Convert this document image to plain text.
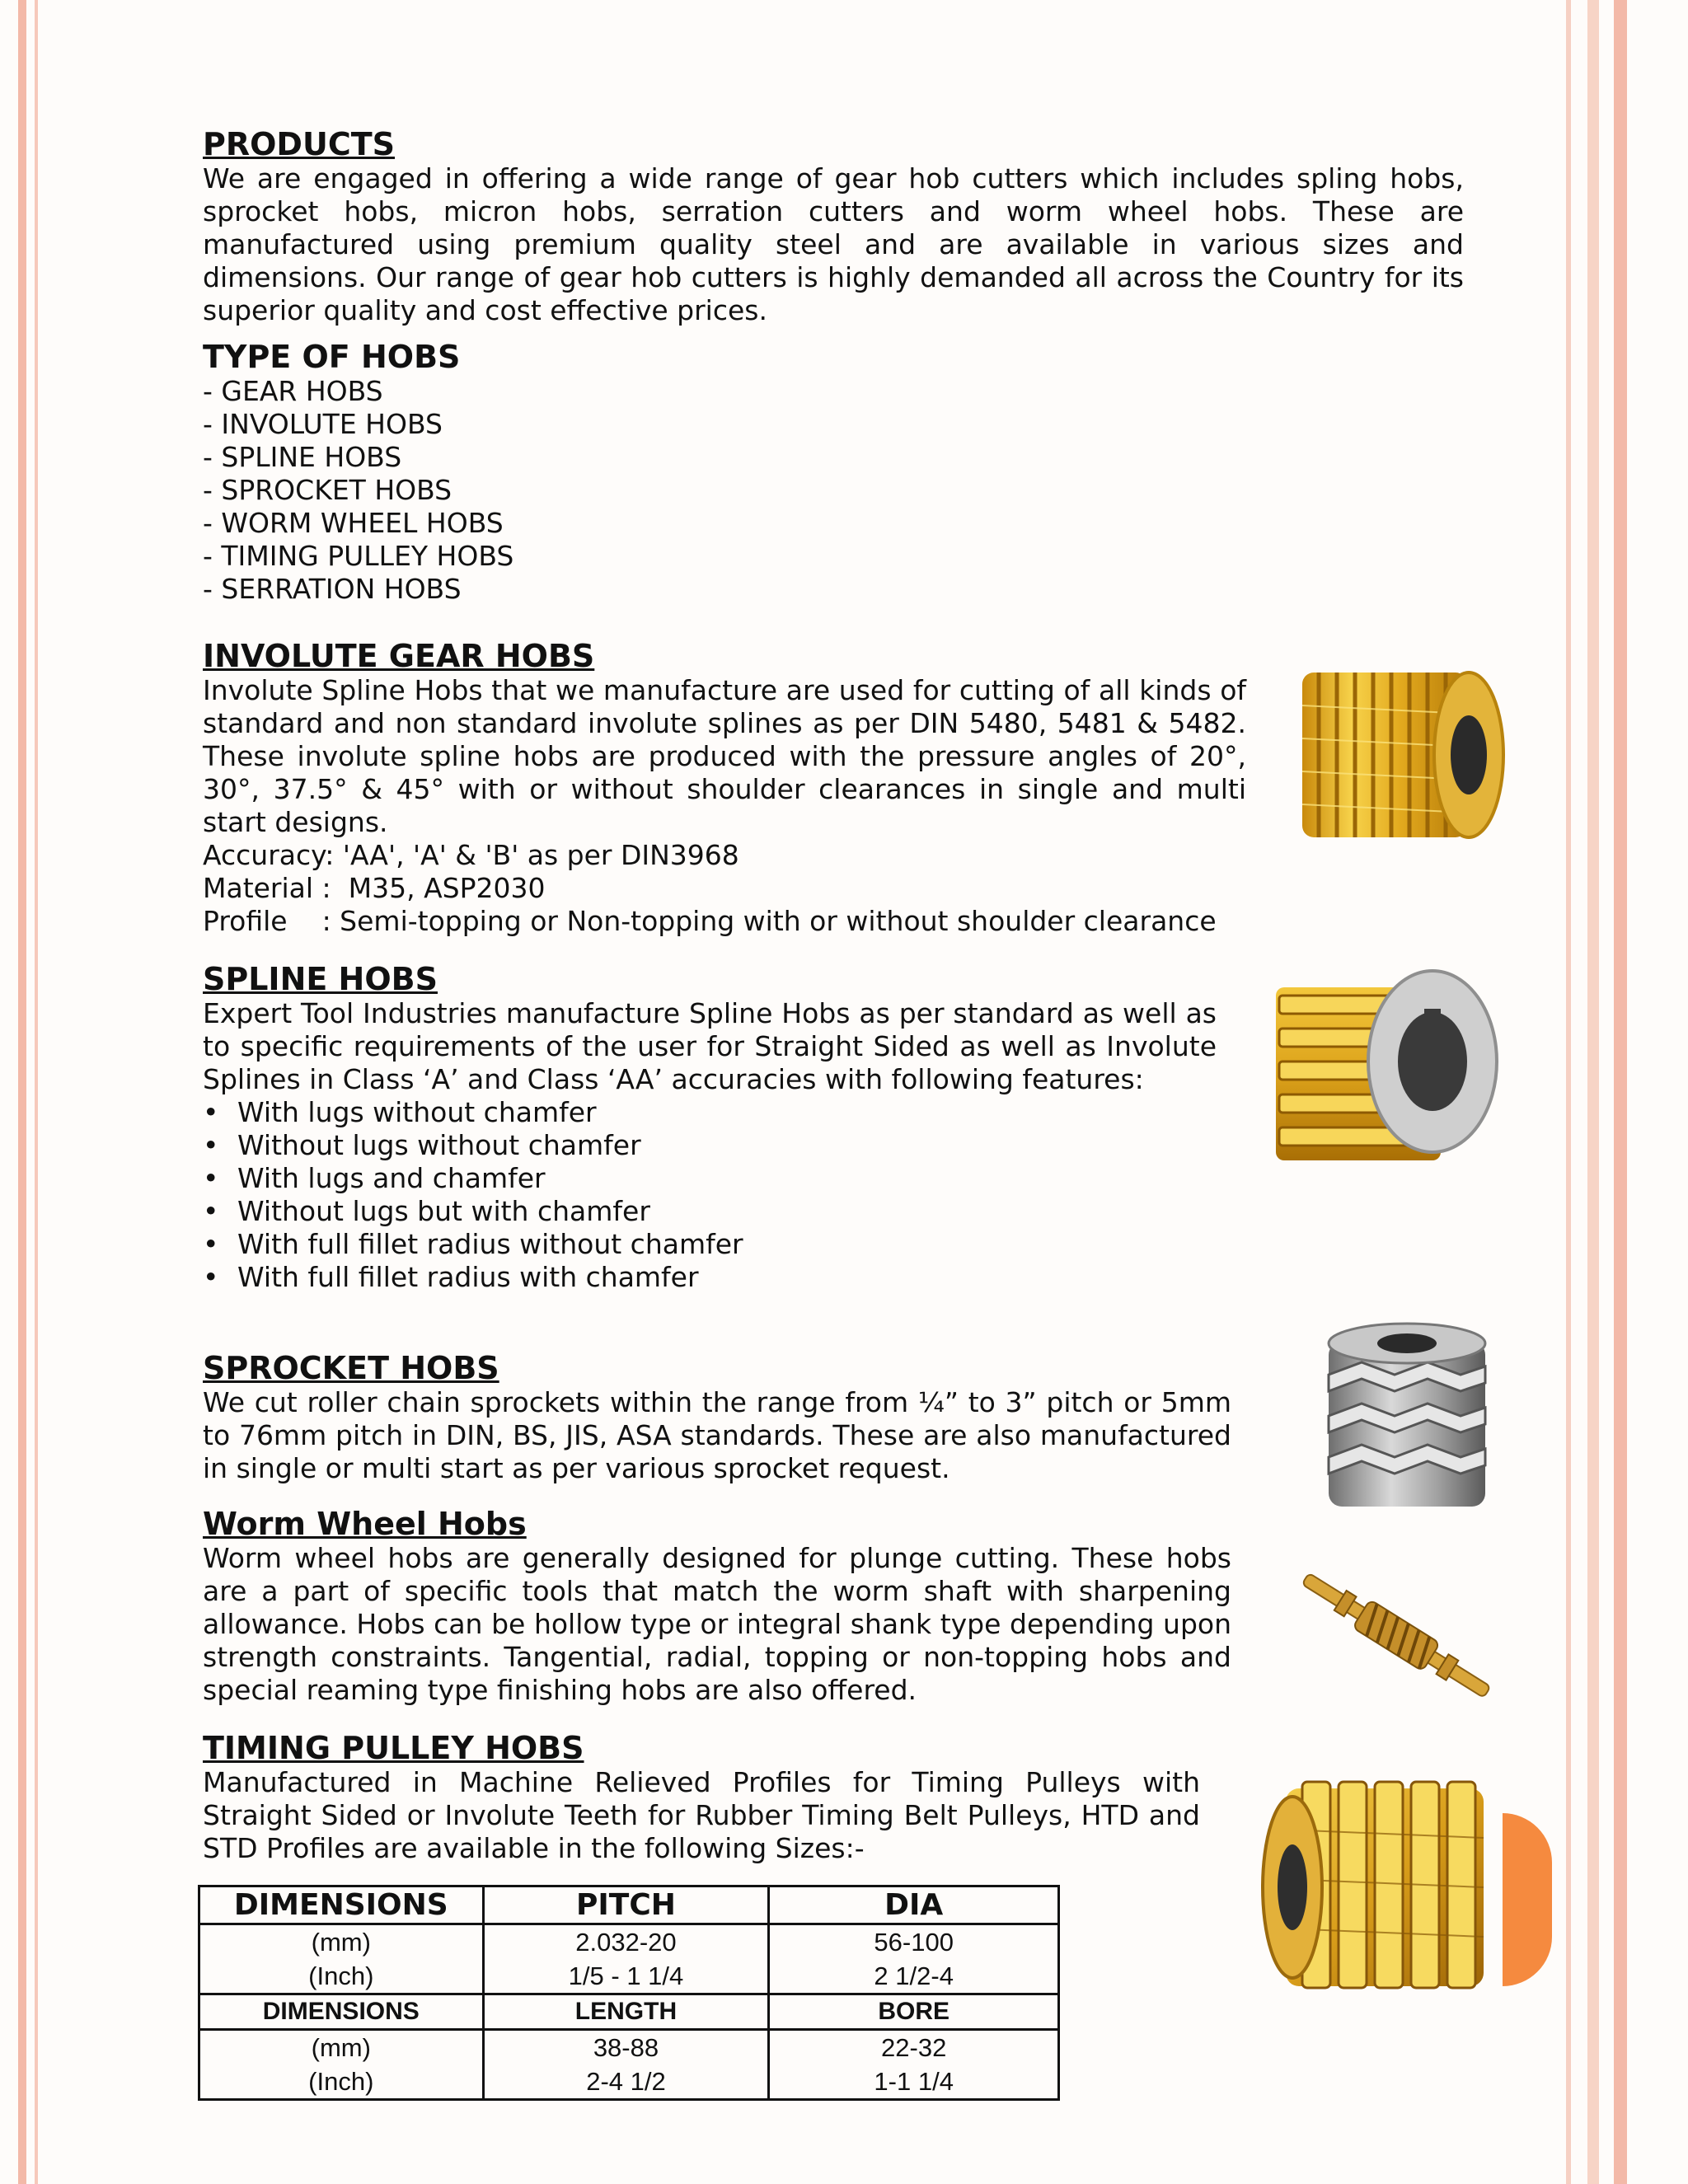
PRODUCTS

We are engaged in offering a wide range of gear hob cutters which includes spling hobs, sprocket hobs, micron hobs, serration cutters and worm wheel hobs. These are manufactured using premium quality steel and are available in various sizes and dimensions. Our range of gear hob cutters is highly demanded all across the Country for its superior quality and cost effective prices.

TYPE OF HOBS
- GEAR HOBS
- INVOLUTE HOBS
- SPLINE HOBS
- SPROCKET HOBS
- WORM WHEEL HOBS
- TIMING PULLEY HOBS
- SERRATION HOBS
INVOLUTE GEAR HOBS

Involute Spline Hobs that we manufacture are used for cutting of all kinds of standard and non standard involute splines as per DIN 5480, 5481 & 5482. These involute spline hobs are produced with the pressure angles of 20°, 30°, 37.5° & 45° with or without shoulder clearances in single and multi start designs.

Accuracy: 'AA', 'A' & 'B' as per DIN3968
Material :  M35, ASP2030
Profile    : Semi-topping or Non-topping with or without shoulder clearance
SPLINE HOBS

Expert Tool Industries manufacture Spline Hobs as per standard as well as to specific requirements of the user for Straight Sided as well as Involute Splines in Class ‘A’ and Class ‘AA’ accuracies with following features:

• With lugs without chamfer
• Without lugs without chamfer
• With lugs and chamfer
• Without lugs but with chamfer
• With full fillet radius without chamfer
• With full fillet radius with chamfer
SPROCKET HOBS

We cut roller chain sprockets within the range from ¼” to 3” pitch or 5mm to 76mm pitch in DIN, BS, JIS, ASA standards. These are also manufactured in single or multi start as per various sprocket request.

Worm Wheel Hobs

Worm wheel hobs are generally designed for plunge cutting. These hobs are a part of specific tools that match the worm shaft with sharpening allowance. Hobs can be hollow type or integral shank type depending upon strength constraints. Tangential, radial, topping or non-topping hobs and special reaming type finishing hobs are also offered.

TIMING PULLEY HOBS

Manufactured in Machine Relieved Profiles for Timing Pulleys with Straight Sided or Involute Teeth for Rubber Timing Belt Pulleys, HTD and STD Profiles are available in the following Sizes:-

DIMENSIONS	PITCH	DIA
(mm)	2.032-20	56-100
(Inch)	1/5 - 1 1/4	2 1/2-4
DIMENSIONS	LENGTH	BORE
(mm)	38-88	22-32
(Inch)	2-4 1/2	1-1 1/4
